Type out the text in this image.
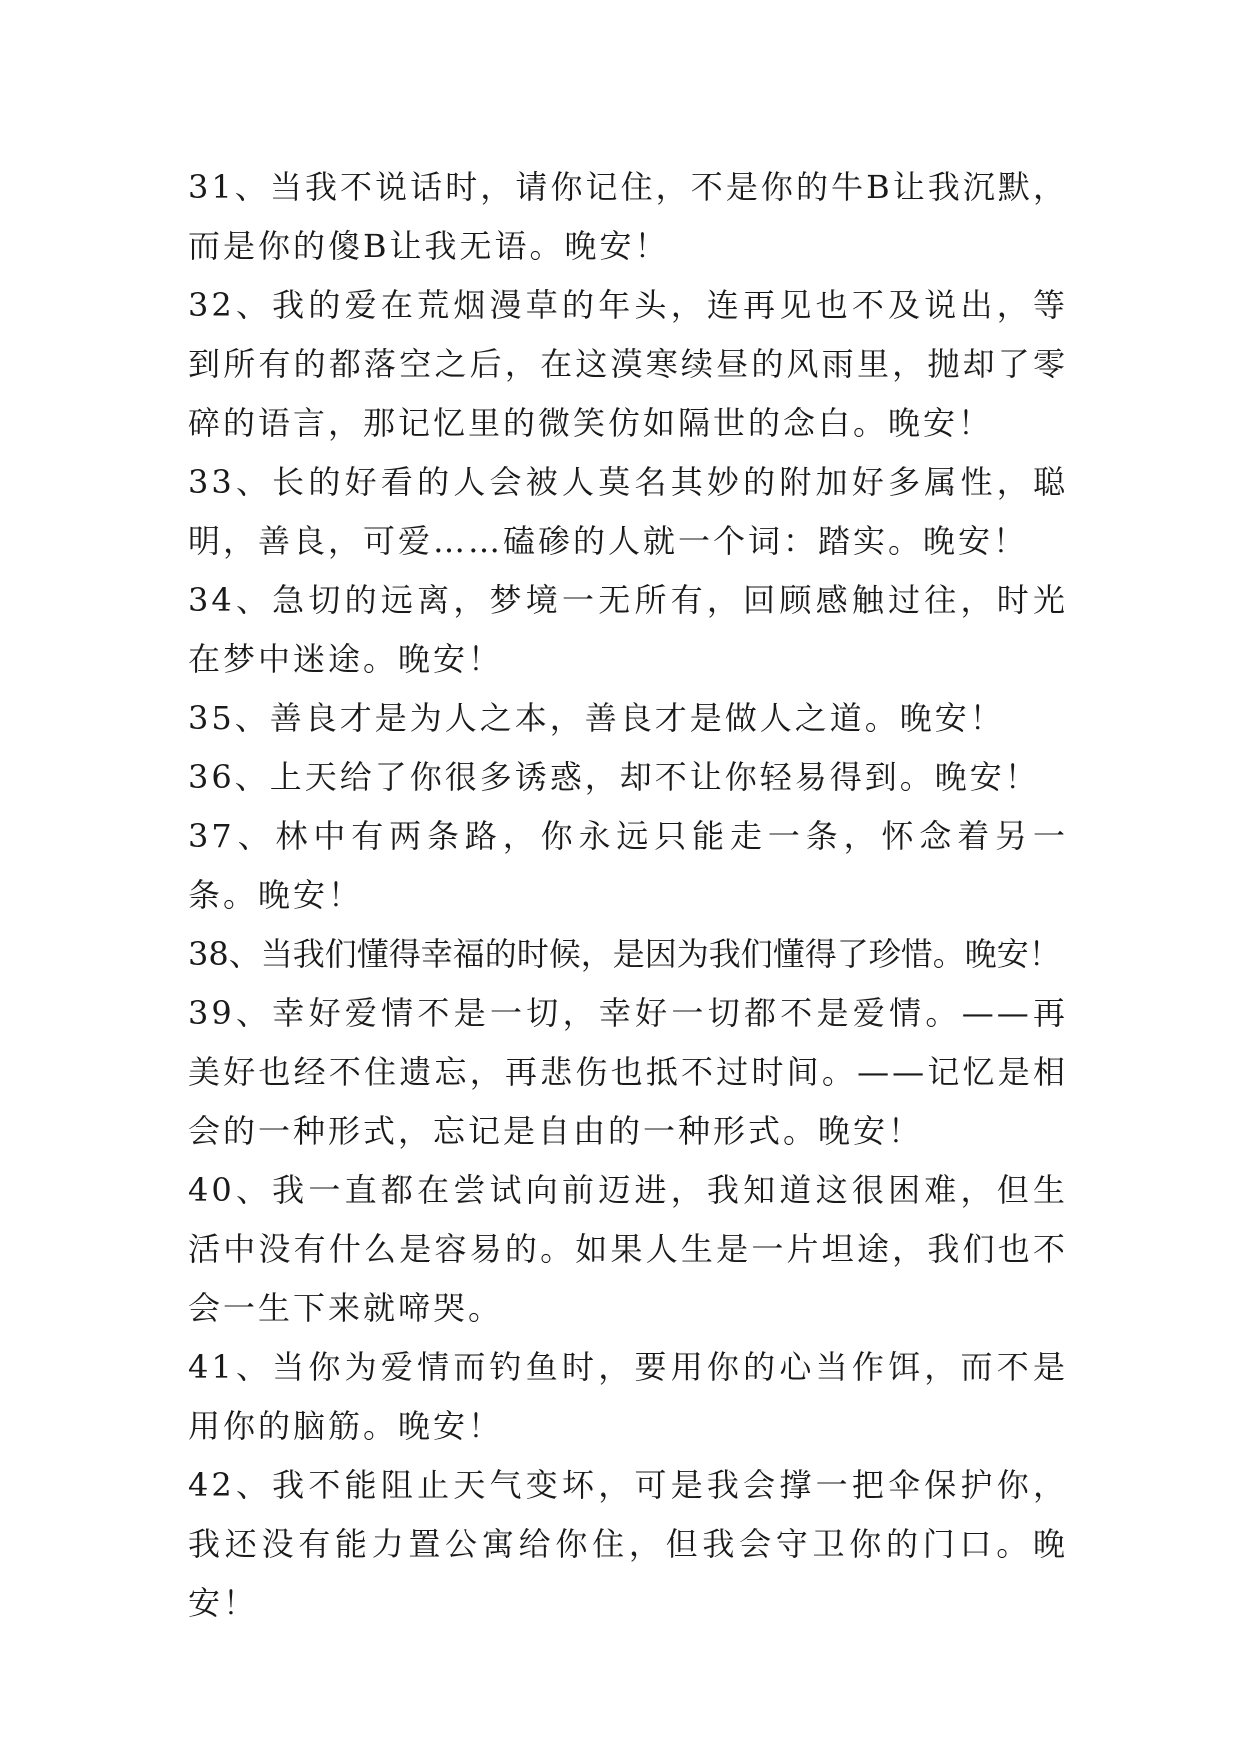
31、当我不说话时，请你记住，不是你的牛B让我沉默，而是你的傻B让我无语。晚安！

32、我的爱在荒烟漫草的年头，连再见也不及说出，等到所有的都落空之后，在这漠寒续昼的风雨里，抛却了零碎的语言，那记忆里的微笑仿如隔世的念白。晚安！

33、长的好看的人会被人莫名其妙的附加好多属性，聪明，善良，可爱……磕碜的人就一个词：踏实。晚安！

34、急切的远离，梦境一无所有，回顾感触过往，时光在梦中迷途。晚安！

35、善良才是为人之本，善良才是做人之道。晚安！

36、上天给了你很多诱惑，却不让你轻易得到。晚安！

37、林中有两条路，你永远只能走一条，怀念着另一条。晚安！

38、当我们懂得幸福的时候，是因为我们懂得了珍惜。晚安！

39、幸好爱情不是一切，幸好一切都不是爱情。——再美好也经不住遗忘，再悲伤也抵不过时间。——记忆是相会的一种形式，忘记是自由的一种形式。晚安！

40、我一直都在尝试向前迈进，我知道这很困难，但生活中没有什么是容易的。如果人生是一片坦途，我们也不会一生下来就啼哭。

41、当你为爱情而钓鱼时，要用你的心当作饵，而不是用你的脑筋。晚安！

42、我不能阻止天气变坏，可是我会撑一把伞保护你，我还没有能力置公寓给你住，但我会守卫你的门口。晚安！
